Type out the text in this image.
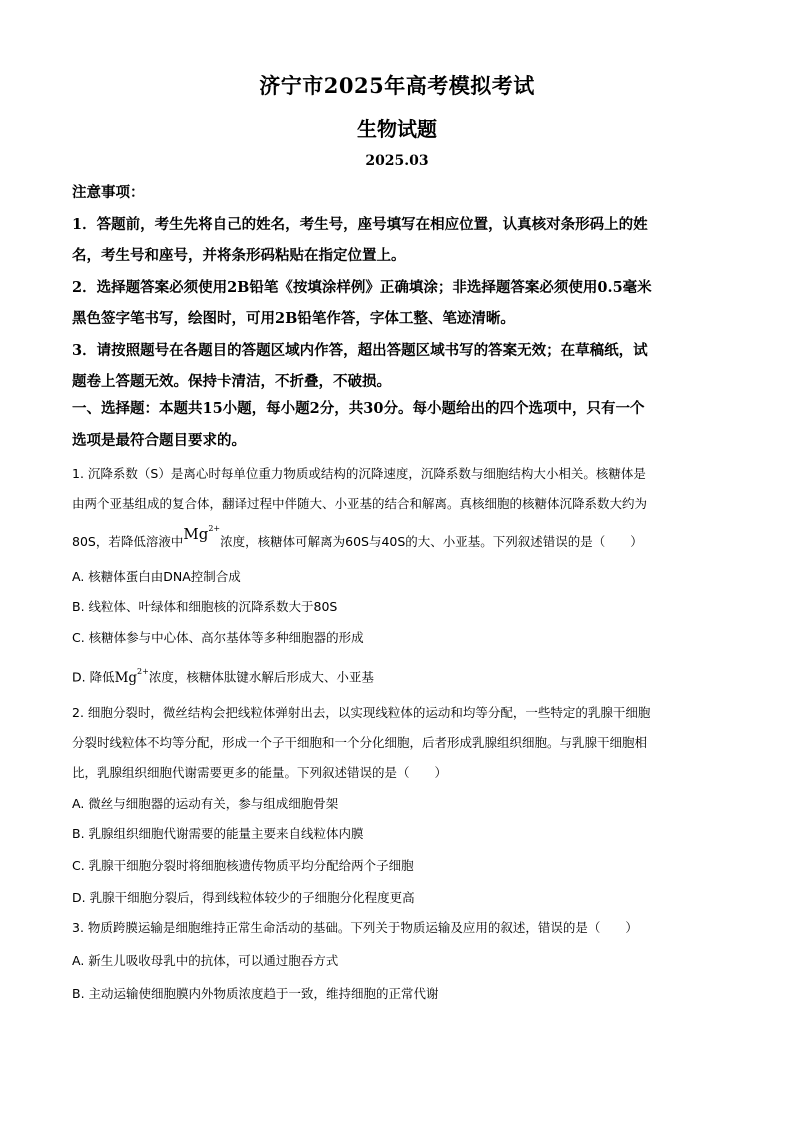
济宁市2025年高考模拟考试
生物试题
2025.03

注意事项：

1．答题前，考生先将自己的姓名，考生号，座号填写在相应位置，认真核对条形码上的姓

名，考生号和座号，并将条形码粘贴在指定位置上。

2．选择题答案必须使用2B铅笔《按填涂样例》正确填涂；非选择题答案必须使用0.5毫米

黑色签字笔书写，绘图时，可用2B铅笔作答，字体工整、笔迹清晰。

3．请按照题号在各题目的答题区域内作答，超出答题区域书写的答案无效；在草稿纸，试

题卷上答题无效。保持卡清洁，不折叠，不破损。

一、选择题：本题共15小题，每小题2分，共30分。每小题给出的四个选项中，只有一个

选项是最符合题目要求的。

1. 沉降系数（S）是离心时每单位重力物质或结构的沉降速度，沉降系数与细胞结构大小相关。核糖体是

由两个亚基组成的复合体，翻译过程中伴随大、小亚基的结合和解离。真核细胞的核糖体沉降系数大约为

80S，若降低溶液中$Mg^{2+}$浓度，核糖体可解离为60S与40S的大、小亚基。下列叙述错误的是（　　）

A. 核糖体蛋白由DNA控制合成
B. 线粒体、叶绿体和细胞核的沉降系数大于80S
C. 核糖体参与中心体、高尔基体等多种细胞器的形成
D. 降低$Mg^{2+}$浓度，核糖体肽键水解后形成大、小亚基

2. 细胞分裂时，微丝结构会把线粒体弹射出去，以实现线粒体的运动和均等分配，一些特定的乳腺干细胞

分裂时线粒体不均等分配，形成一个子干细胞和一个分化细胞，后者形成乳腺组织细胞。与乳腺干细胞相

比，乳腺组织细胞代谢需要更多的能量。下列叙述错误的是（　　）

A. 微丝与细胞器的运动有关，参与组成细胞骨架
B. 乳腺组织细胞代谢需要的能量主要来自线粒体内膜
C. 乳腺干细胞分裂时将细胞核遗传物质平均分配给两个子细胞
D. 乳腺干细胞分裂后，得到线粒体较少的子细胞分化程度更高

3. 物质跨膜运输是细胞维持正常生命活动的基础。下列关于物质运输及应用的叙述，错误的是（　　）

A. 新生儿吸收母乳中的抗体，可以通过胞吞方式
B. 主动运输使细胞膜内外物质浓度趋于一致，维持细胞的正常代谢
